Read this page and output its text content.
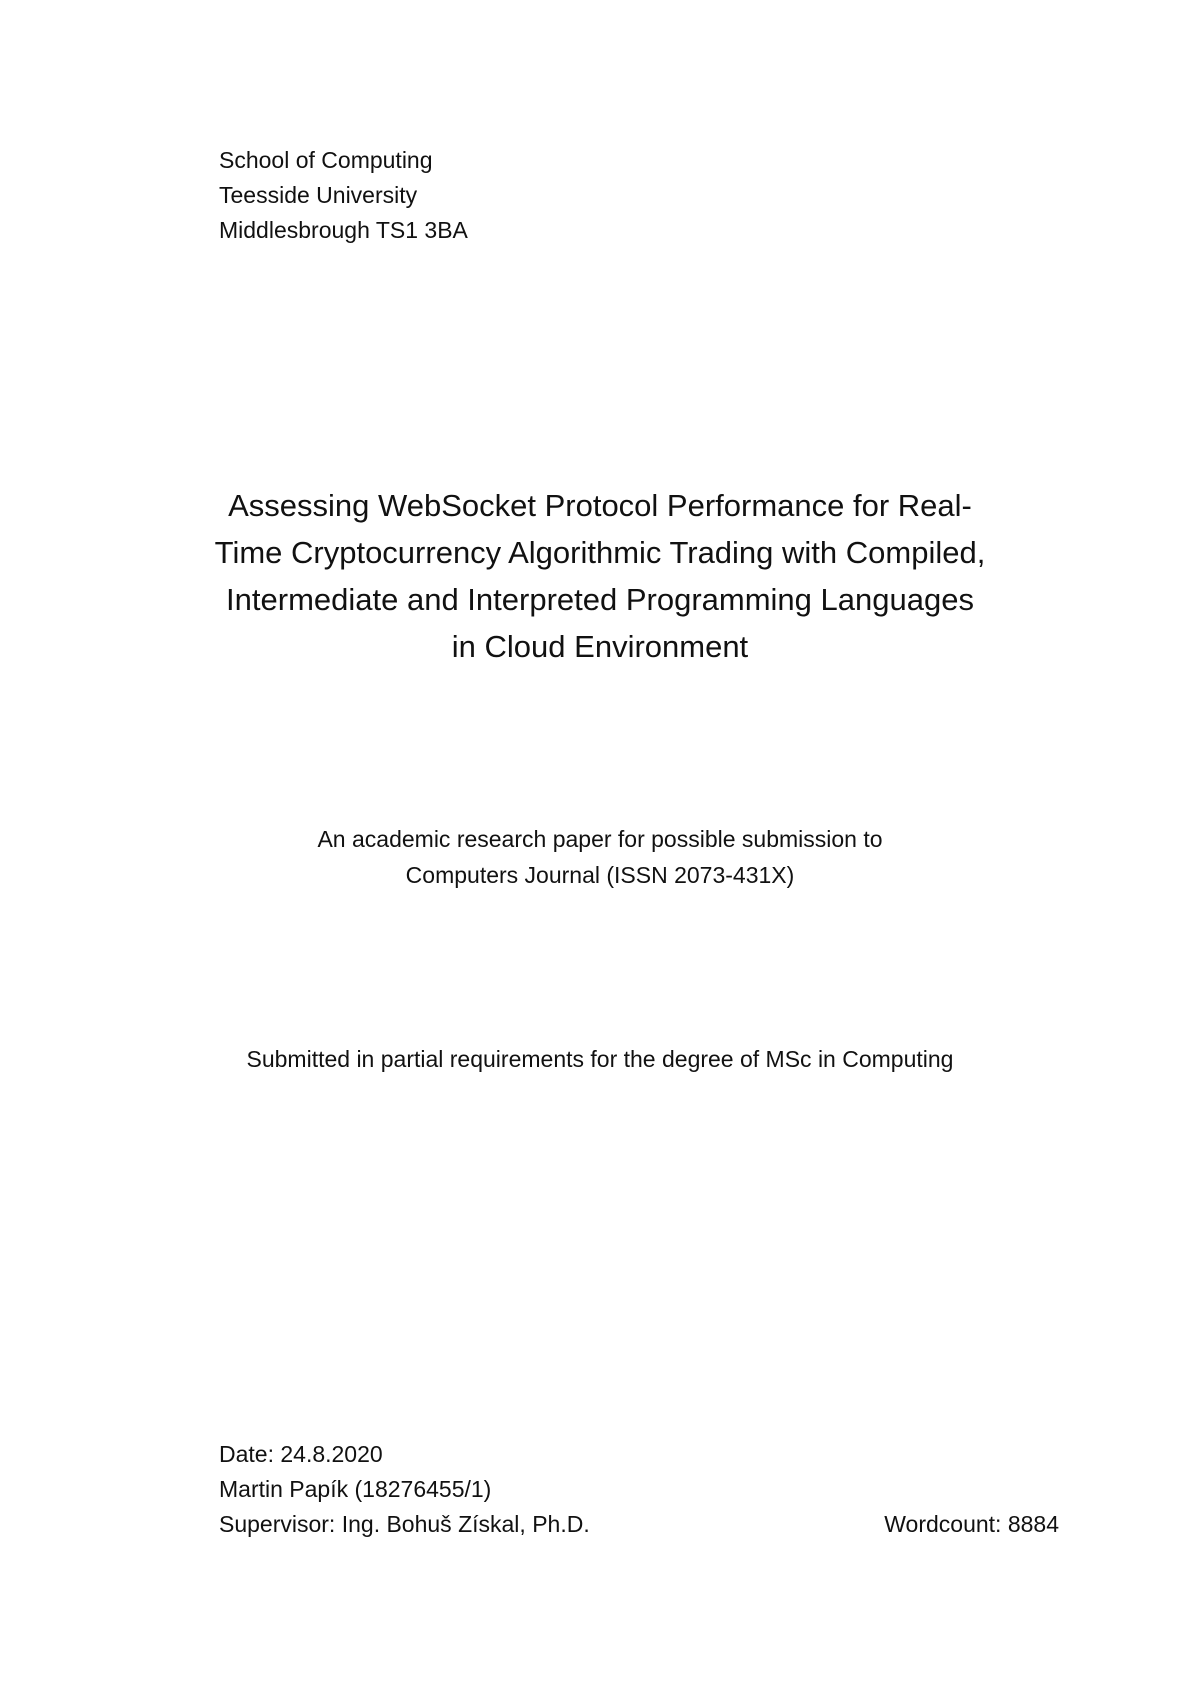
School of Computing
Teesside University
Middlesbrough TS1 3BA
Assessing WebSocket Protocol Performance for Real-
Time Cryptocurrency Algorithmic Trading with Compiled,
Intermediate and Interpreted Programming Languages
in Cloud Environment
An academic research paper for possible submission to
Computers Journal (ISSN 2073-431X)
Submitted in partial requirements for the degree of MSc in Computing
Date: 24.8.2020
Martin Papík (18276455/1)
Supervisor: Ing. Bohuš Získal, Ph.D.	Wordcount: 8884
